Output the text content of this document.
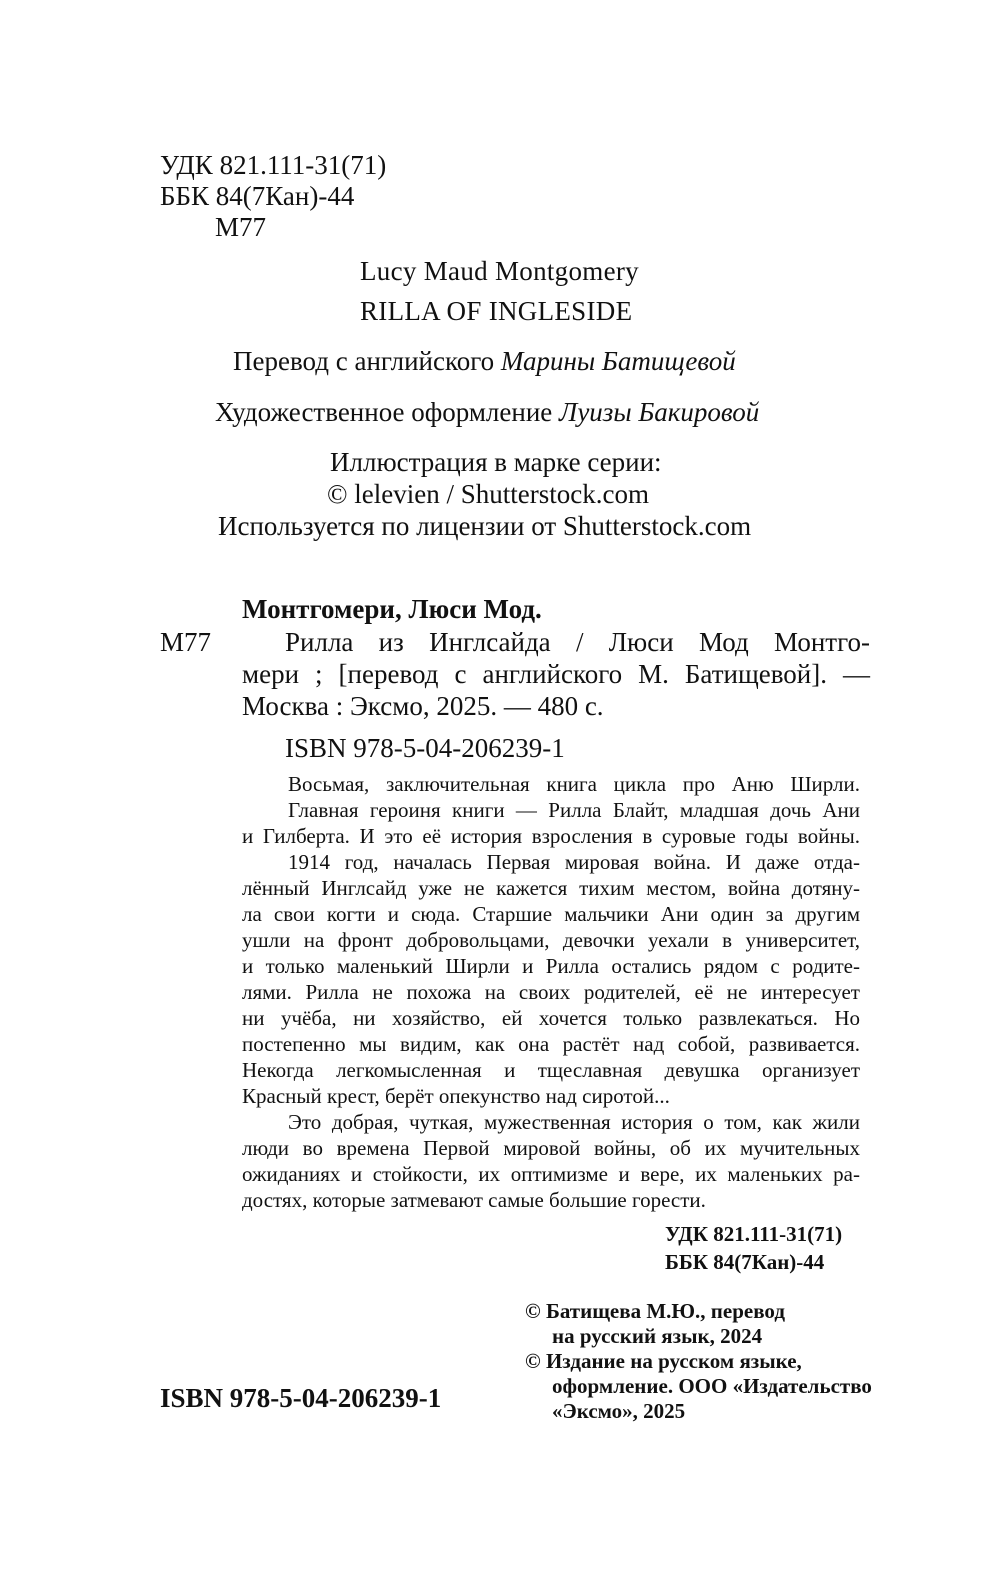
УДК 821.111-31(71)
ББК 84(7Кан)-44
М77
Lucy Maud Montgomery
RILLA OF INGLESIDE
Перевод с английского Марины Батищевой
Художественное оформление Луизы Бакировой
Иллюстрация в марке серии:
© lelevien / Shutterstock.com
Используется по лицензии от Shutterstock.com
Монтгомери, Люси Мод.
М77	Рилла из Инглсайда / Люси Мод Монтго-
мери ; [перевод с английского М. Батищевой]. —
Москва : Эксмо, 2025. — 480 с.
ISBN 978-5-04-206239-1
Восьмая, заключительная книга цикла про Аню Ширли.
Главная героиня книги — Рилла Блайт, младшая дочь Ани
и Гилберта. И это её история взросления в суровые годы войны.
1914 год, началась Первая мировая война. И даже отда-
лённый Инглсайд уже не кажется тихим местом, война дотяну-
ла свои когти и сюда. Старшие мальчики Ани один за другим
ушли на фронт добровольцами, девочки уехали в университет,
и только маленький Ширли и Рилла остались рядом с родите-
лями. Рилла не похожа на своих родителей, её не интересует
ни учёба, ни хозяйство, ей хочется только развлекаться. Но
постепенно мы видим, как она растёт над собой, развивается.
Некогда легкомысленная и тщеславная девушка организует
Красный крест, берёт опекунство над сиротой...
Это добрая, чуткая, мужественная история о том, как жили
люди во времена Первой мировой войны, об их мучительных
ожиданиях и стойкости, их оптимизме и вере, их маленьких ра-
достях, которые затмевают самые большие горести.
УДК 821.111-31(71)
ББК 84(7Кан)-44
© Батищева М.Ю., перевод
на русский язык, 2024
© Издание на русском языке,
оформление. ООО «Издательство
«Эксмо», 2025
ISBN 978-5-04-206239-1
